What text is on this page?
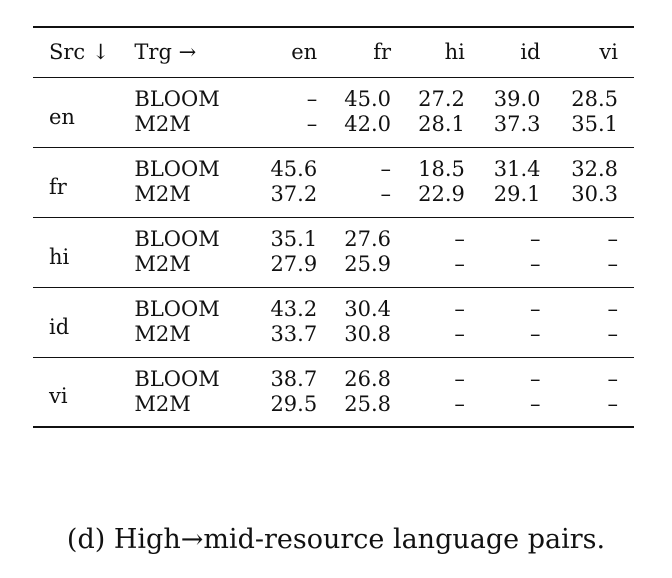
Src ↓	Trg →	en	fr	hi	id	vi
en	BLOOM	–	45.0	27.2	39.0	28.5
	M2M	–	42.0	28.1	37.3	35.1
fr	BLOOM	45.6	–	18.5	31.4	32.8
	M2M	37.2	–	22.9	29.1	30.3
hi	BLOOM	35.1	27.6	–	–	–
	M2M	27.9	25.9	–	–	–
id	BLOOM	43.2	30.4	–	–	–
	M2M	33.7	30.8	–	–	–
vi	BLOOM	38.7	26.8	–	–	–
	M2M	29.5	25.8	–	–	–
(d) High→mid-resource language pairs.
